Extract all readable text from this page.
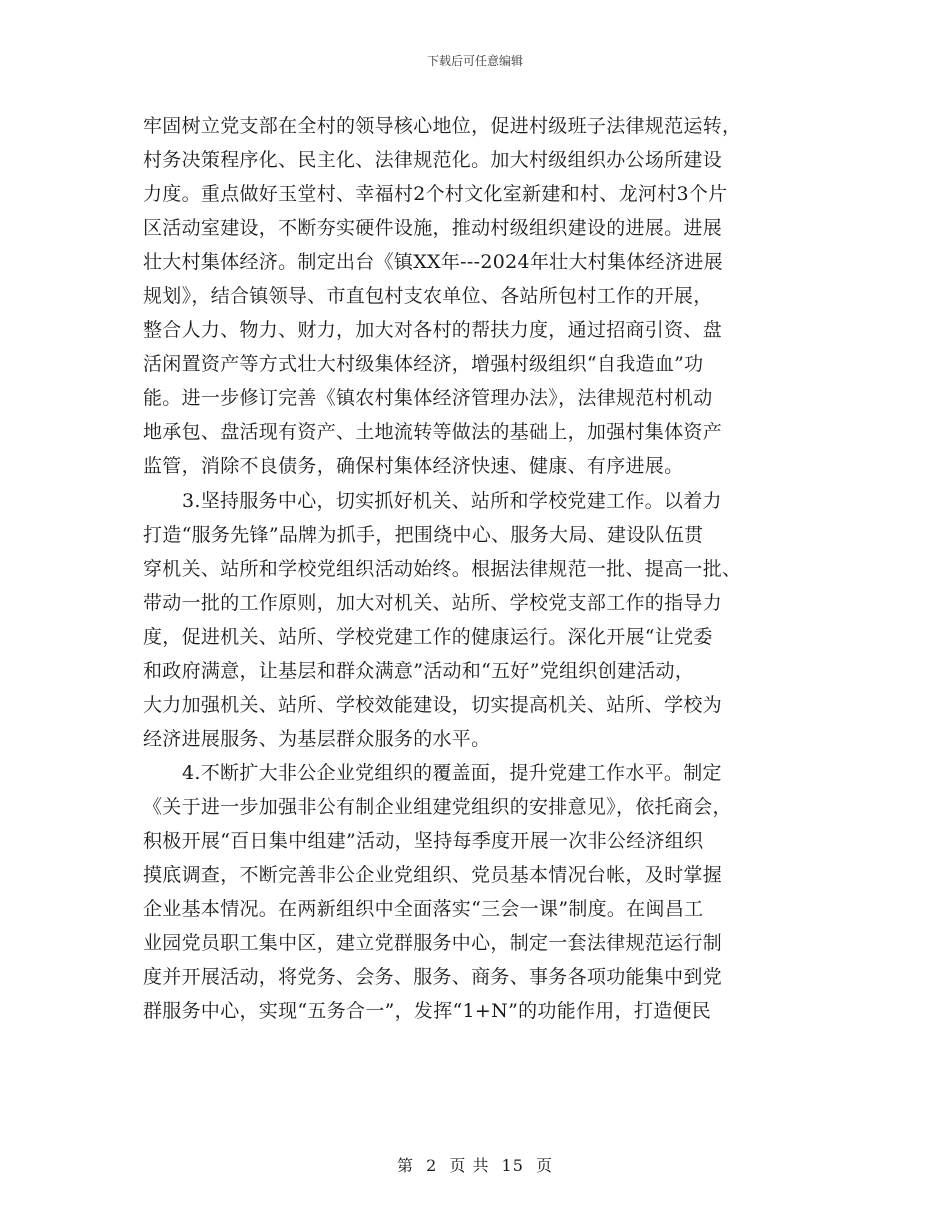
下载后可任意编辑
牢固树立党支部在全村的领导核心地位，促进村级班子法律规范运转，
村务决策程序化、民主化、法律规范化。加大村级组织办公场所建设
力度。重点做好玉堂村、幸福村2个村文化室新建和村、龙河村3个片
区活动室建设，不断夯实硬件设施，推动村级组织建设的进展。进展
壮大村集体经济。制定出台《镇XX年---2024年壮大村集体经济进展
规划》，结合镇领导、市直包村支农单位、各站所包村工作的开展，
整合人力、物力、财力，加大对各村的帮扶力度，通过招商引资、盘
活闲置资产等方式壮大村级集体经济，增强村级组织“自我造血”功
能。进一步修订完善《镇农村集体经济管理办法》，法律规范村机动
地承包、盘活现有资产、土地流转等做法的基础上，加强村集体资产
监管，消除不良债务，确保村集体经济快速、健康、有序进展。
3.坚持服务中心，切实抓好机关、站所和学校党建工作。以着力
打造“服务先锋”品牌为抓手，把围绕中心、服务大局、建设队伍贯
穿机关、站所和学校党组织活动始终。根据法律规范一批、提高一批、
带动一批的工作原则，加大对机关、站所、学校党支部工作的指导力
度，促进机关、站所、学校党建工作的健康运行。深化开展“让党委
和政府满意，让基层和群众满意”活动和“五好”党组织创建活动，
大力加强机关、站所、学校效能建设，切实提高机关、站所、学校为
经济进展服务、为基层群众服务的水平。
4.不断扩大非公企业党组织的覆盖面，提升党建工作水平。制定
《关于进一步加强非公有制企业组建党组织的安排意见》，依托商会，
积极开展“百日集中组建”活动，坚持每季度开展一次非公经济组织
摸底调查，不断完善非公企业党组织、党员基本情况台帐，及时掌握
企业基本情况。在两新组织中全面落实“三会一课”制度。在闽昌工
业园党员职工集中区，建立党群服务中心，制定一套法律规范运行制
度并开展活动，将党务、会务、服务、商务、事务各项功能集中到党
群服务中心，实现“五务合一”，发挥“1+N”的功能作用，打造便民
第 2 页 共 15 页
